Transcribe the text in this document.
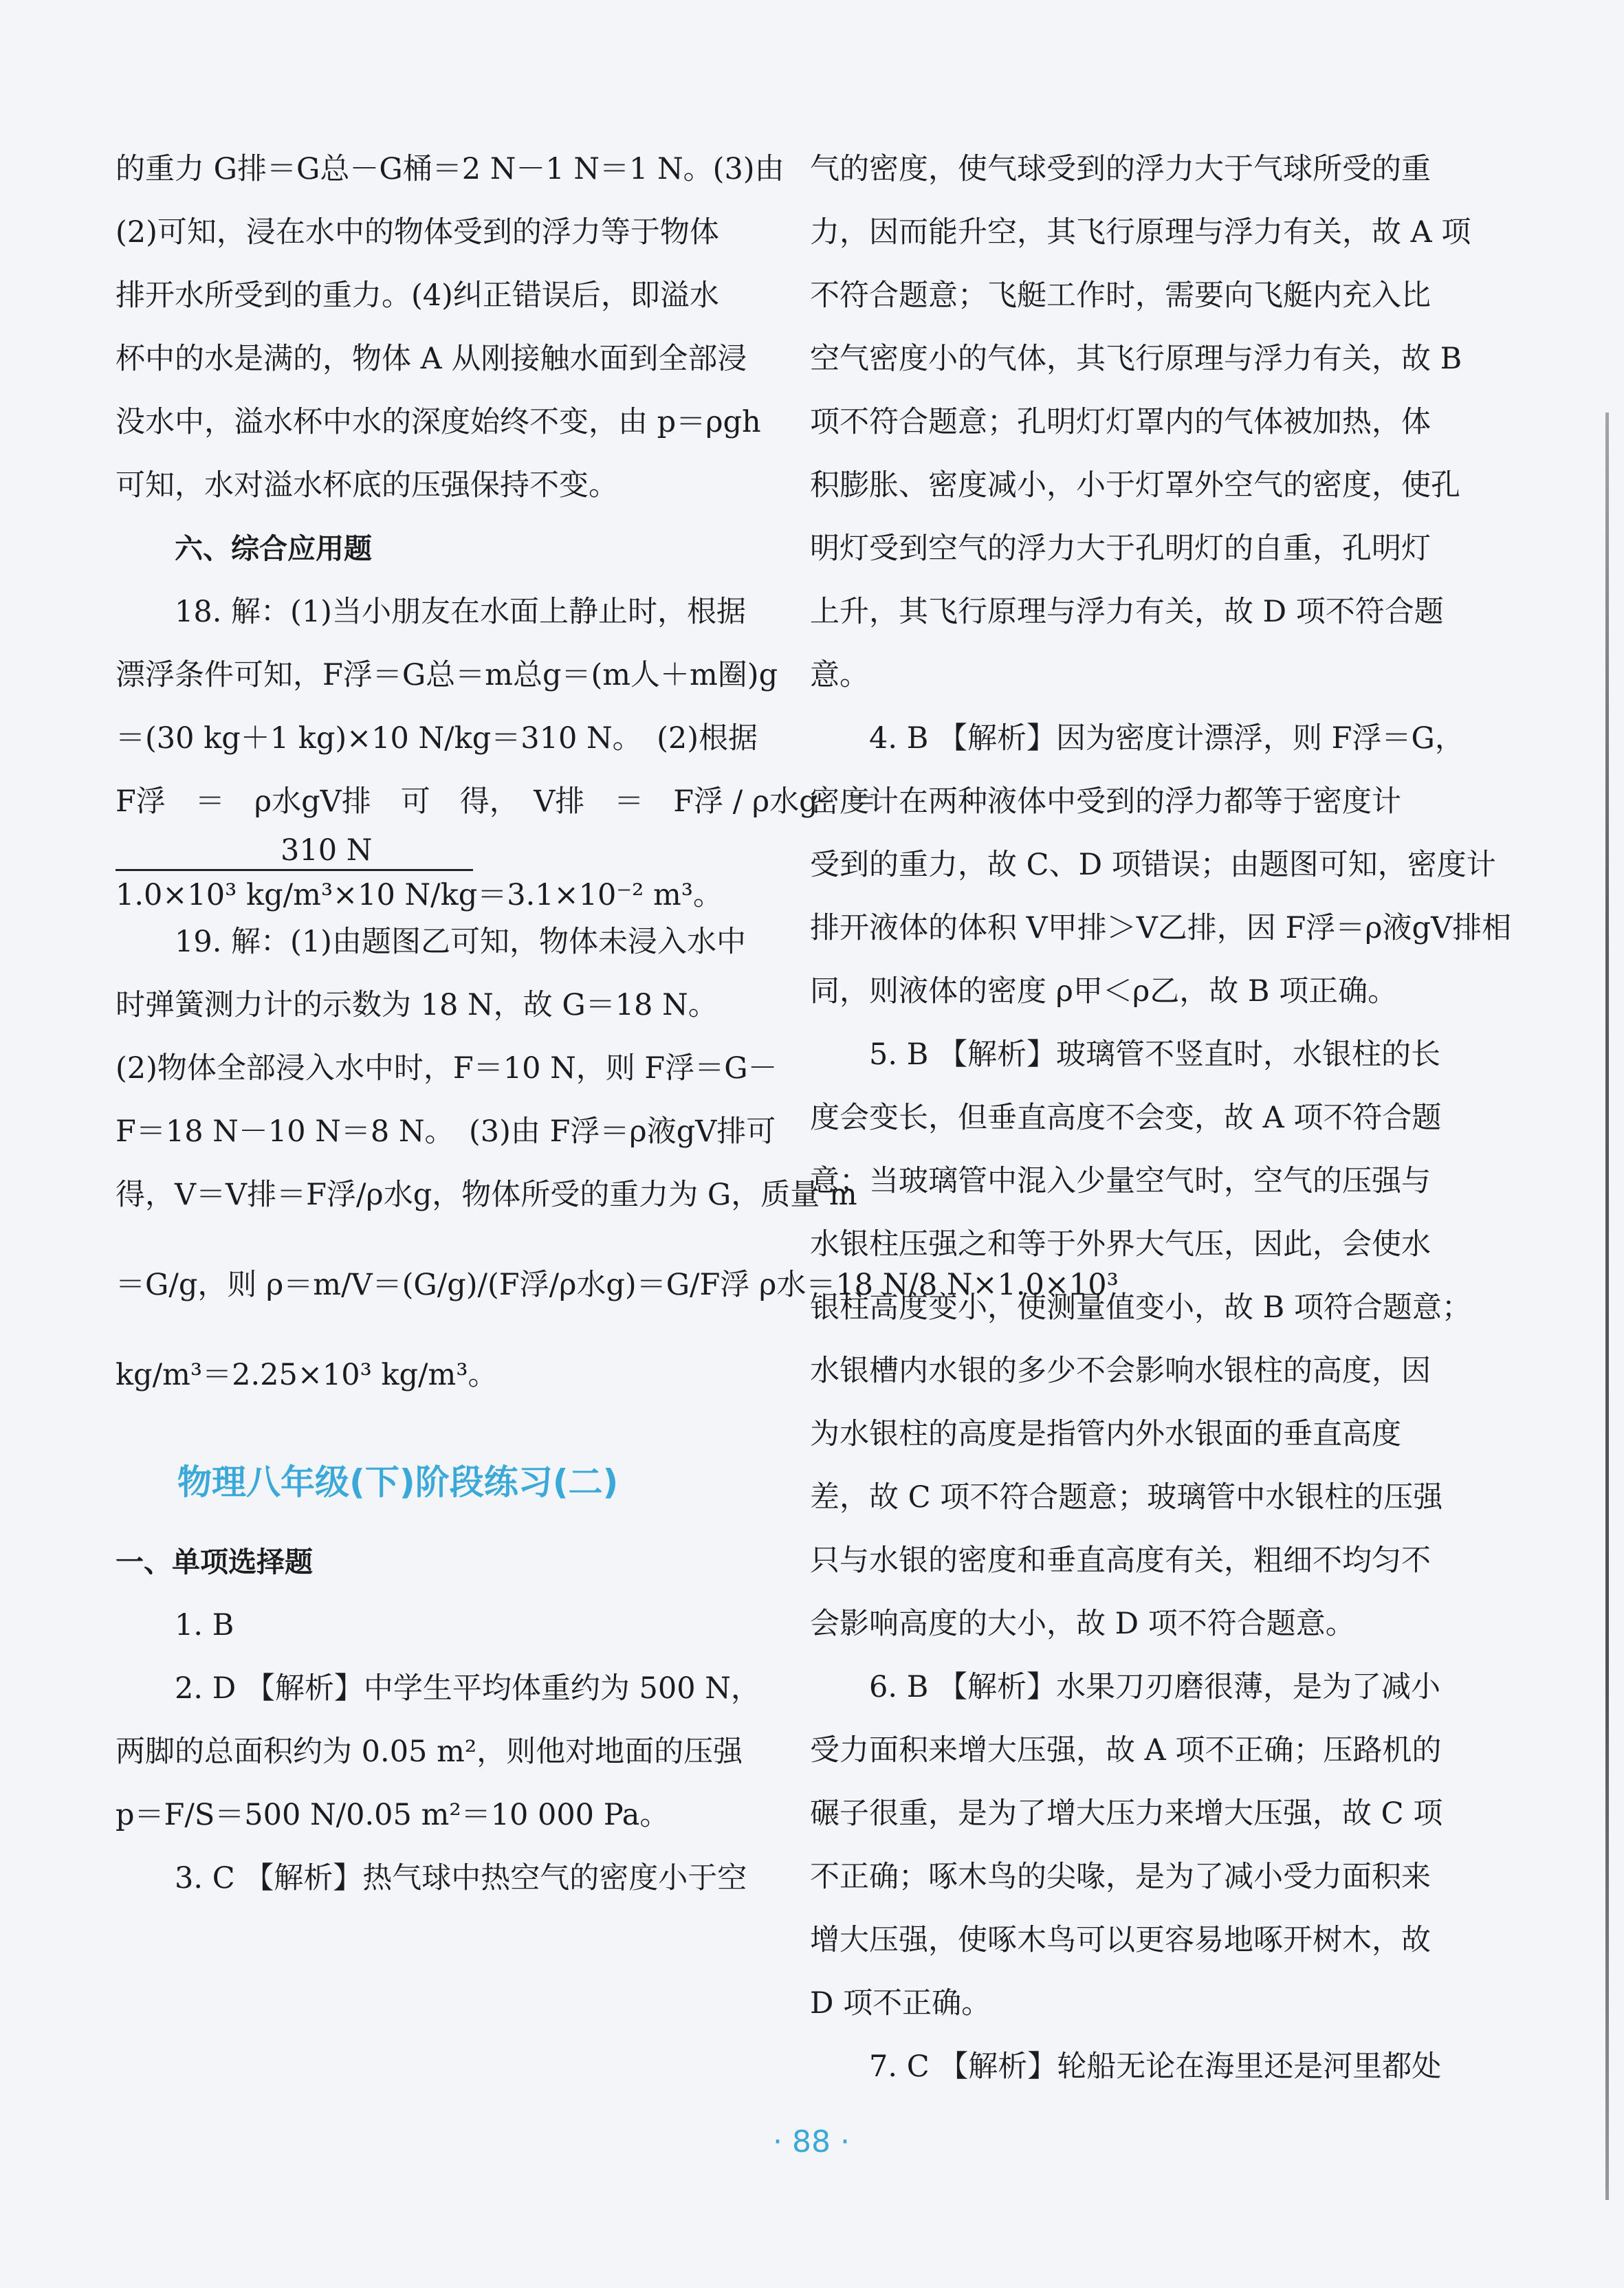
的重力 G排＝G总－G桶＝2 N－1 N＝1 N。(3)由
(2)可知，浸在水中的物体受到的浮力等于物体
排开水所受到的重力。(4)纠正错误后，即溢水
杯中的水是满的，物体 A 从刚接触水面到全部浸
没水中，溢水杯中水的深度始终不变，由 p＝ρgh
可知，水对溢水杯底的压强保持不变。
六、综合应用题
18. 解：(1)当小朋友在水面上静止时，根据
漂浮条件可知，F浮＝G总＝m总g＝(m人＋m圈)g
＝(30 kg＋1 kg)×10 N/kg＝310 N。　(2)根据
F浮　＝　ρ水gV排　可　得，　V排　＝　F浮 / ρ水g　＝
310 N
1.0×10³ kg/m³×10 N/kg＝3.1×10⁻² m³。
19. 解：(1)由题图乙可知，物体未浸入水中
时弹簧测力计的示数为 18 N，故 G＝18 N。
(2)物体全部浸入水中时，F＝10 N，则 F浮＝G－
F＝18 N－10 N＝8 N。　(3)由 F浮＝ρ液gV排可
得，V＝V排＝F浮/ρ水g，物体所受的重力为 G，质量 m
＝G/g，则 ρ＝m/V＝(G/g)/(F浮/ρ水g)＝G/F浮 ρ水＝18 N/8 N×1.0×10³
kg/m³＝2.25×10³ kg/m³。
物理八年级(下)阶段练习(二)
一、单项选择题
1. B
2. D 【解析】中学生平均体重约为 500 N，
两脚的总面积约为 0.05 m²，则他对地面的压强
p＝F/S＝500 N/0.05 m²＝10 000 Pa。
3. C 【解析】热气球中热空气的密度小于空
气的密度，使气球受到的浮力大于气球所受的重
力，因而能升空，其飞行原理与浮力有关，故 A 项
不符合题意；飞艇工作时，需要向飞艇内充入比
空气密度小的气体，其飞行原理与浮力有关，故 B
项不符合题意；孔明灯灯罩内的气体被加热，体
积膨胀、密度减小，小于灯罩外空气的密度，使孔
明灯受到空气的浮力大于孔明灯的自重，孔明灯
上升，其飞行原理与浮力有关，故 D 项不符合题
意。
4. B 【解析】因为密度计漂浮，则 F浮＝G，
密度计在两种液体中受到的浮力都等于密度计
受到的重力，故 C、D 项错误；由题图可知，密度计
排开液体的体积 V甲排＞V乙排，因 F浮＝ρ液gV排相
同，则液体的密度 ρ甲＜ρ乙，故 B 项正确。
5. B 【解析】玻璃管不竖直时，水银柱的长
度会变长，但垂直高度不会变，故 A 项不符合题
意；当玻璃管中混入少量空气时，空气的压强与
水银柱压强之和等于外界大气压，因此，会使水
银柱高度变小，使测量值变小，故 B 项符合题意；
水银槽内水银的多少不会影响水银柱的高度，因
为水银柱的高度是指管内外水银面的垂直高度
差，故 C 项不符合题意；玻璃管中水银柱的压强
只与水银的密度和垂直高度有关，粗细不均匀不
会影响高度的大小，故 D 项不符合题意。
6. B 【解析】水果刀刃磨很薄，是为了减小
受力面积来增大压强，故 A 项不正确；压路机的
碾子很重，是为了增大压力来增大压强，故 C 项
不正确；啄木鸟的尖喙，是为了减小受力面积来
增大压强，使啄木鸟可以更容易地啄开树木，故
D 项不正确。
7. C 【解析】轮船无论在海里还是河里都处
· 88 ·
